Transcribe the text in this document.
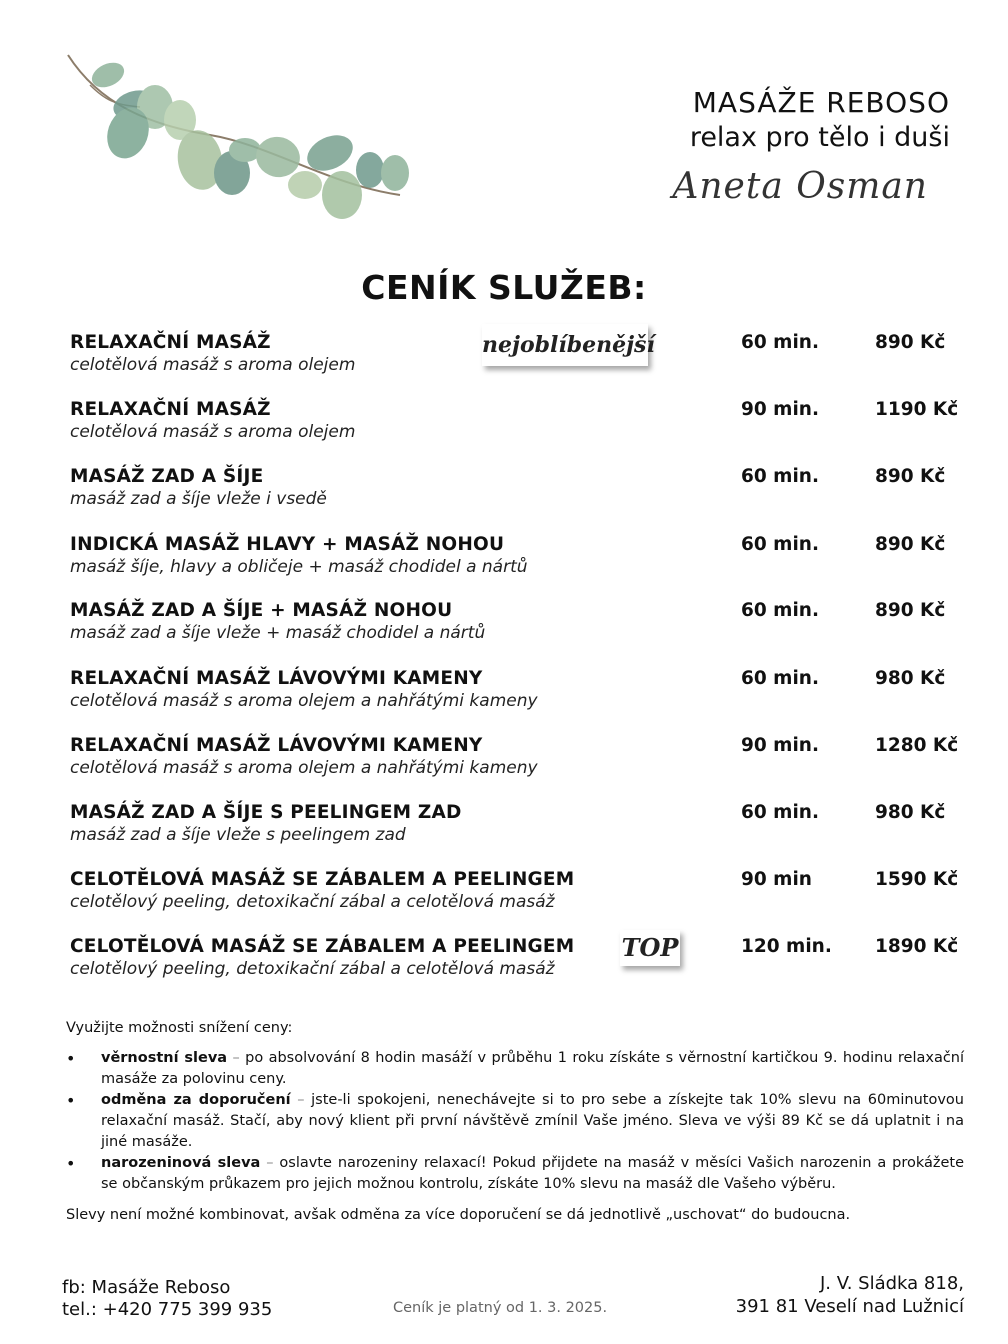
MASÁŽE REBOSO
relax pro tělo i duši
Aneta Osman
CENÍK SLUŽEB:
RELAXAČNÍ MASÁŽ
celotělová masáž s aroma olejem
nejoblíbenější	60 min.	890 Kč
RELAXAČNÍ MASÁŽ
celotělová masáž s aroma olejem
90 min.	1190 Kč
MASÁŽ ZAD A ŠÍJE
masáž zad a šíje vleže i vsedě
60 min.	890 Kč
INDICKÁ MASÁŽ HLAVY + MASÁŽ NOHOU
masáž šíje, hlavy a obličeje + masáž chodidel a nártů
60 min.	890 Kč
MASÁŽ ZAD A ŠÍJE + MASÁŽ NOHOU
masáž zad a šíje vleže + masáž chodidel a nártů
60 min.	890 Kč
RELAXAČNÍ MASÁŽ LÁVOVÝMI KAMENY
celotělová masáž s aroma olejem a nahřátými kameny
60 min.	980 Kč
RELAXAČNÍ MASÁŽ LÁVOVÝMI KAMENY
celotělová masáž s aroma olejem a nahřátými kameny
90 min.	1280 Kč
MASÁŽ ZAD A ŠÍJE S PEELINGEM ZAD
masáž zad a šíje vleže s peelingem zad
60 min.	980 Kč
CELOTĚLOVÁ MASÁŽ SE ZÁBALEM A PEELINGEM
celotělový peeling, detoxikační zábal a celotělová masáž
90 min	1590 Kč
CELOTĚLOVÁ MASÁŽ SE ZÁBALEM A PEELINGEM
celotělový peeling, detoxikační zábal a celotělová masáž
TOP	120 min. 1890 Kč
Využijte možnosti snížení ceny:
• věrnostní sleva – po absolvování 8 hodin masáží v průběhu 1 roku získáte s věrnostní kartičkou 9. hodinu relaxační masáže za polovinu ceny.
• odměna za doporučení – jste-li spokojeni, nenechávejte si to pro sebe a získejte tak 10% slevu na 60minutovou relaxační masáž. Stačí, aby nový klient při první návštěvě zmínil Vaše jméno. Sleva ve výši 89 Kč se dá uplatnit i na jiné masáže.
• narozeninová sleva – oslavte narozeniny relaxací! Pokud přijdete na masáž v měsíci Vašich narozenin a prokážete se občanským průkazem pro jejich možnou kontrolu, získáte 10% slevu na masáž dle Vašeho výběru.
Slevy není možné kombinovat, avšak odměna za více doporučení se dá jednotlivě „uschovat“ do budoucna.
fb: Masáže Reboso
tel.: +420 775 399 935	Ceník je platný od 1. 3. 2025.
J. V. Sládka 818,
391 81 Veselí nad Lužnicí
